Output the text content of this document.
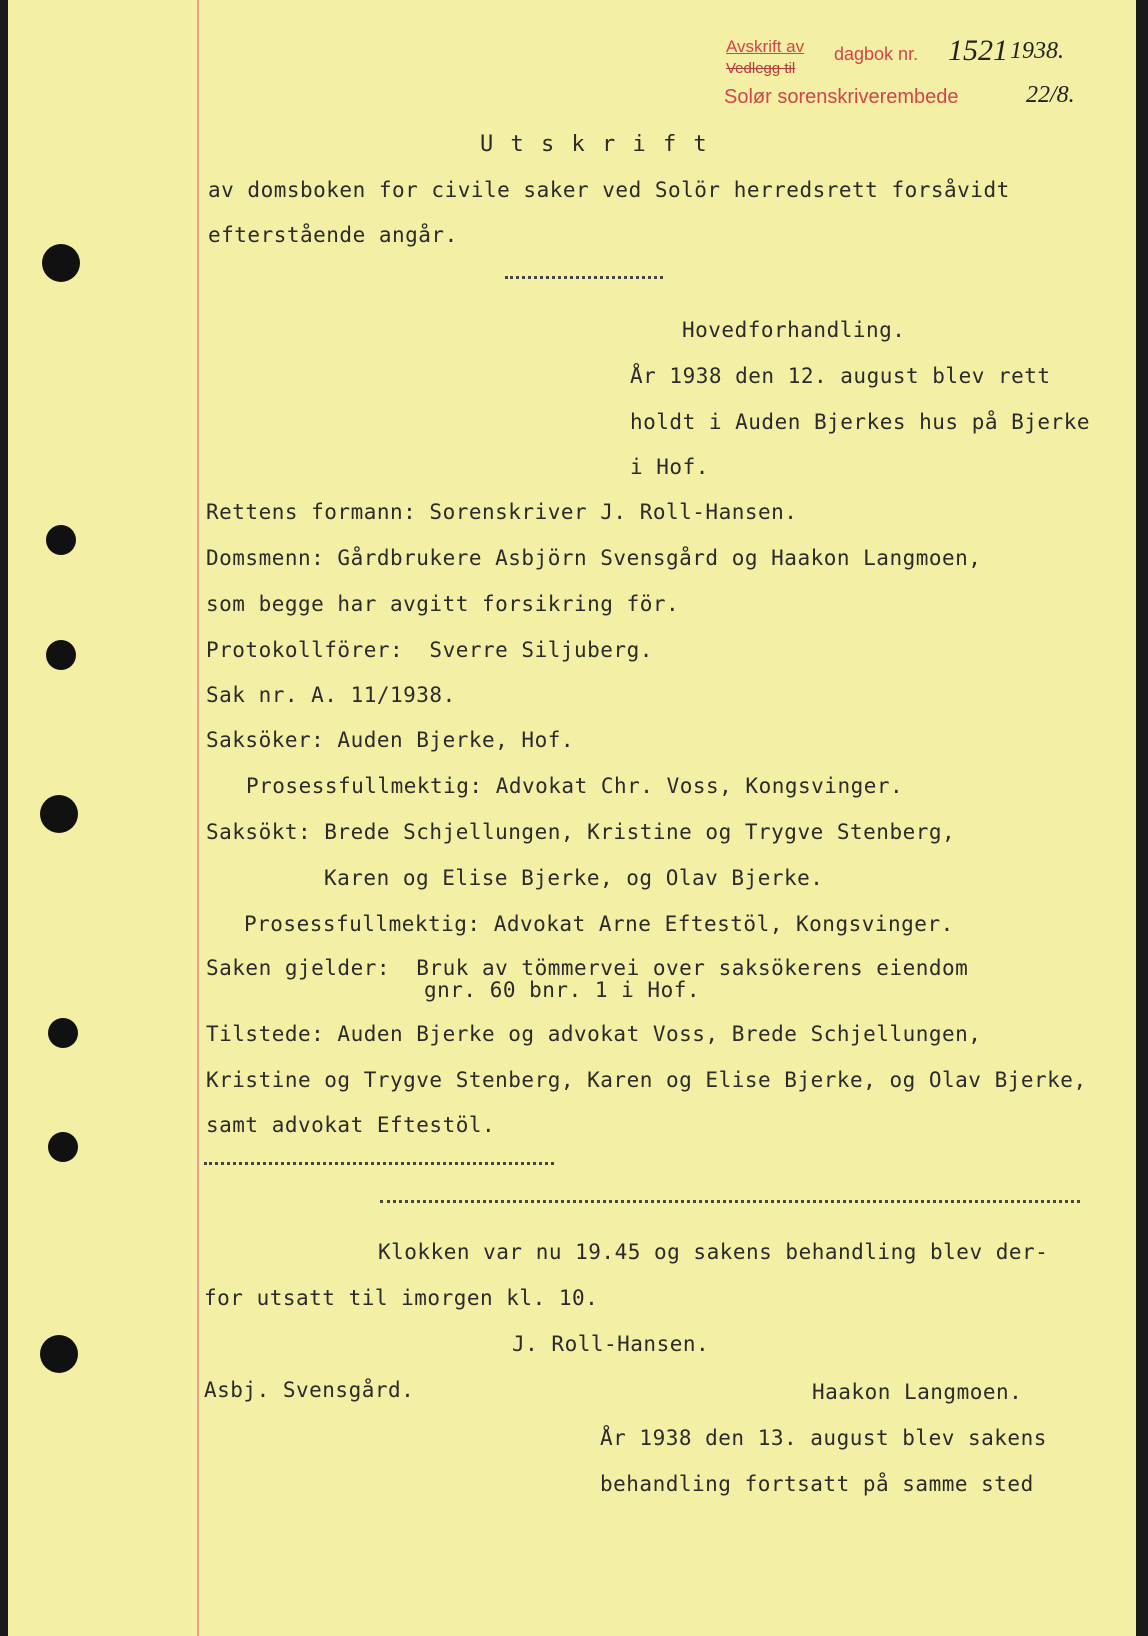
Avskrift av dagbok nr.
Vedlegg til
Solør sorenskriverembede
1521 1938.
22/8.
U t s k r i f t
av domsboken for civile saker ved Solör herredsrett forsåvidt
efterstående angår.
Hovedforhandling.
År 1938 den 12. august blev rett
holdt i Auden Bjerkes hus på Bjerke
i Hof.
Rettens formann: Sorenskriver J. Roll-Hansen.
Domsmenn: Gårdbrukere Asbjörn Svensgård og Haakon Langmoen,
som begge har avgitt forsikring för.
Protokollförer:  Sverre Siljuberg.
Sak nr. A. 11/1938.
Saksöker: Auden Bjerke, Hof.
Prosessfullmektig: Advokat Chr. Voss, Kongsvinger.
Saksökt: Brede Schjellungen, Kristine og Trygve Stenberg,
Karen og Elise Bjerke, og Olav Bjerke.
Prosessfullmektig: Advokat Arne Eftestöl, Kongsvinger.
Saken gjelder:  Bruk av tömmervei over saksökerens eiendom
gnr. 60 bnr. 1 i Hof.
Tilstede: Auden Bjerke og advokat Voss, Brede Schjellungen,
Kristine og Trygve Stenberg, Karen og Elise Bjerke, og Olav Bjerke,
samt advokat Eftestöl.
Klokken var nu 19.45 og sakens behandling blev der-
for utsatt til imorgen kl. 10.
J. Roll-Hansen.
Asbj. Svensgård.	Haakon Langmoen.
År 1938 den 13. august blev sakens
behandling fortsatt på samme sted
